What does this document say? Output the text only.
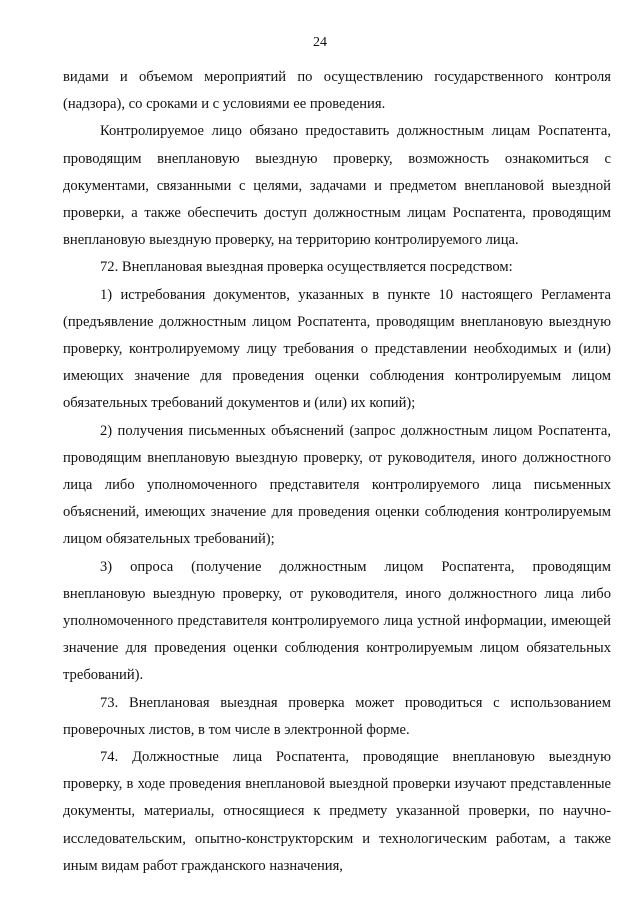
24

видами и объемом мероприятий по осуществлению государственного контроля (надзора), со сроками и с условиями ее проведения.

Контролируемое лицо обязано предоставить должностным лицам Роспатента, проводящим внеплановую выездную проверку, возможность ознакомиться с документами, связанными с целями, задачами и предметом внеплановой выездной проверки, а также обеспечить доступ должностным лицам Роспатента, проводящим внеплановую выездную проверку, на территорию контролируемого лица.

72. Внеплановая выездная проверка осуществляется посредством:

1) истребования документов, указанных в пункте 10 настоящего Регламента (предъявление должностным лицом Роспатента, проводящим внеплановую выездную проверку, контролируемому лицу требования о представлении необходимых и (или) имеющих значение для проведения оценки соблюдения контролируемым лицом обязательных требований документов и (или) их копий);

2) получения письменных объяснений (запрос должностным лицом Роспатента, проводящим внеплановую выездную проверку, от руководителя, иного должностного лица либо уполномоченного представителя контролируемого лица письменных объяснений, имеющих значение для проведения оценки соблюдения контролируемым лицом обязательных требований);

3) опроса (получение должностным лицом Роспатента, проводящим внеплановую выездную проверку, от руководителя, иного должностного лица либо уполномоченного представителя контролируемого лица устной информации, имеющей значение для проведения оценки соблюдения контролируемым лицом обязательных требований).

73. Внеплановая выездная проверка может проводиться с использованием проверочных листов, в том числе в электронной форме.

74. Должностные лица Роспатента, проводящие внеплановую выездную проверку, в ходе проведения внеплановой выездной проверки изучают представленные документы, материалы, относящиеся к предмету указанной проверки, по научно-исследовательским, опытно-конструкторским и технологическим работам, а также иным видам работ гражданского назначения,
